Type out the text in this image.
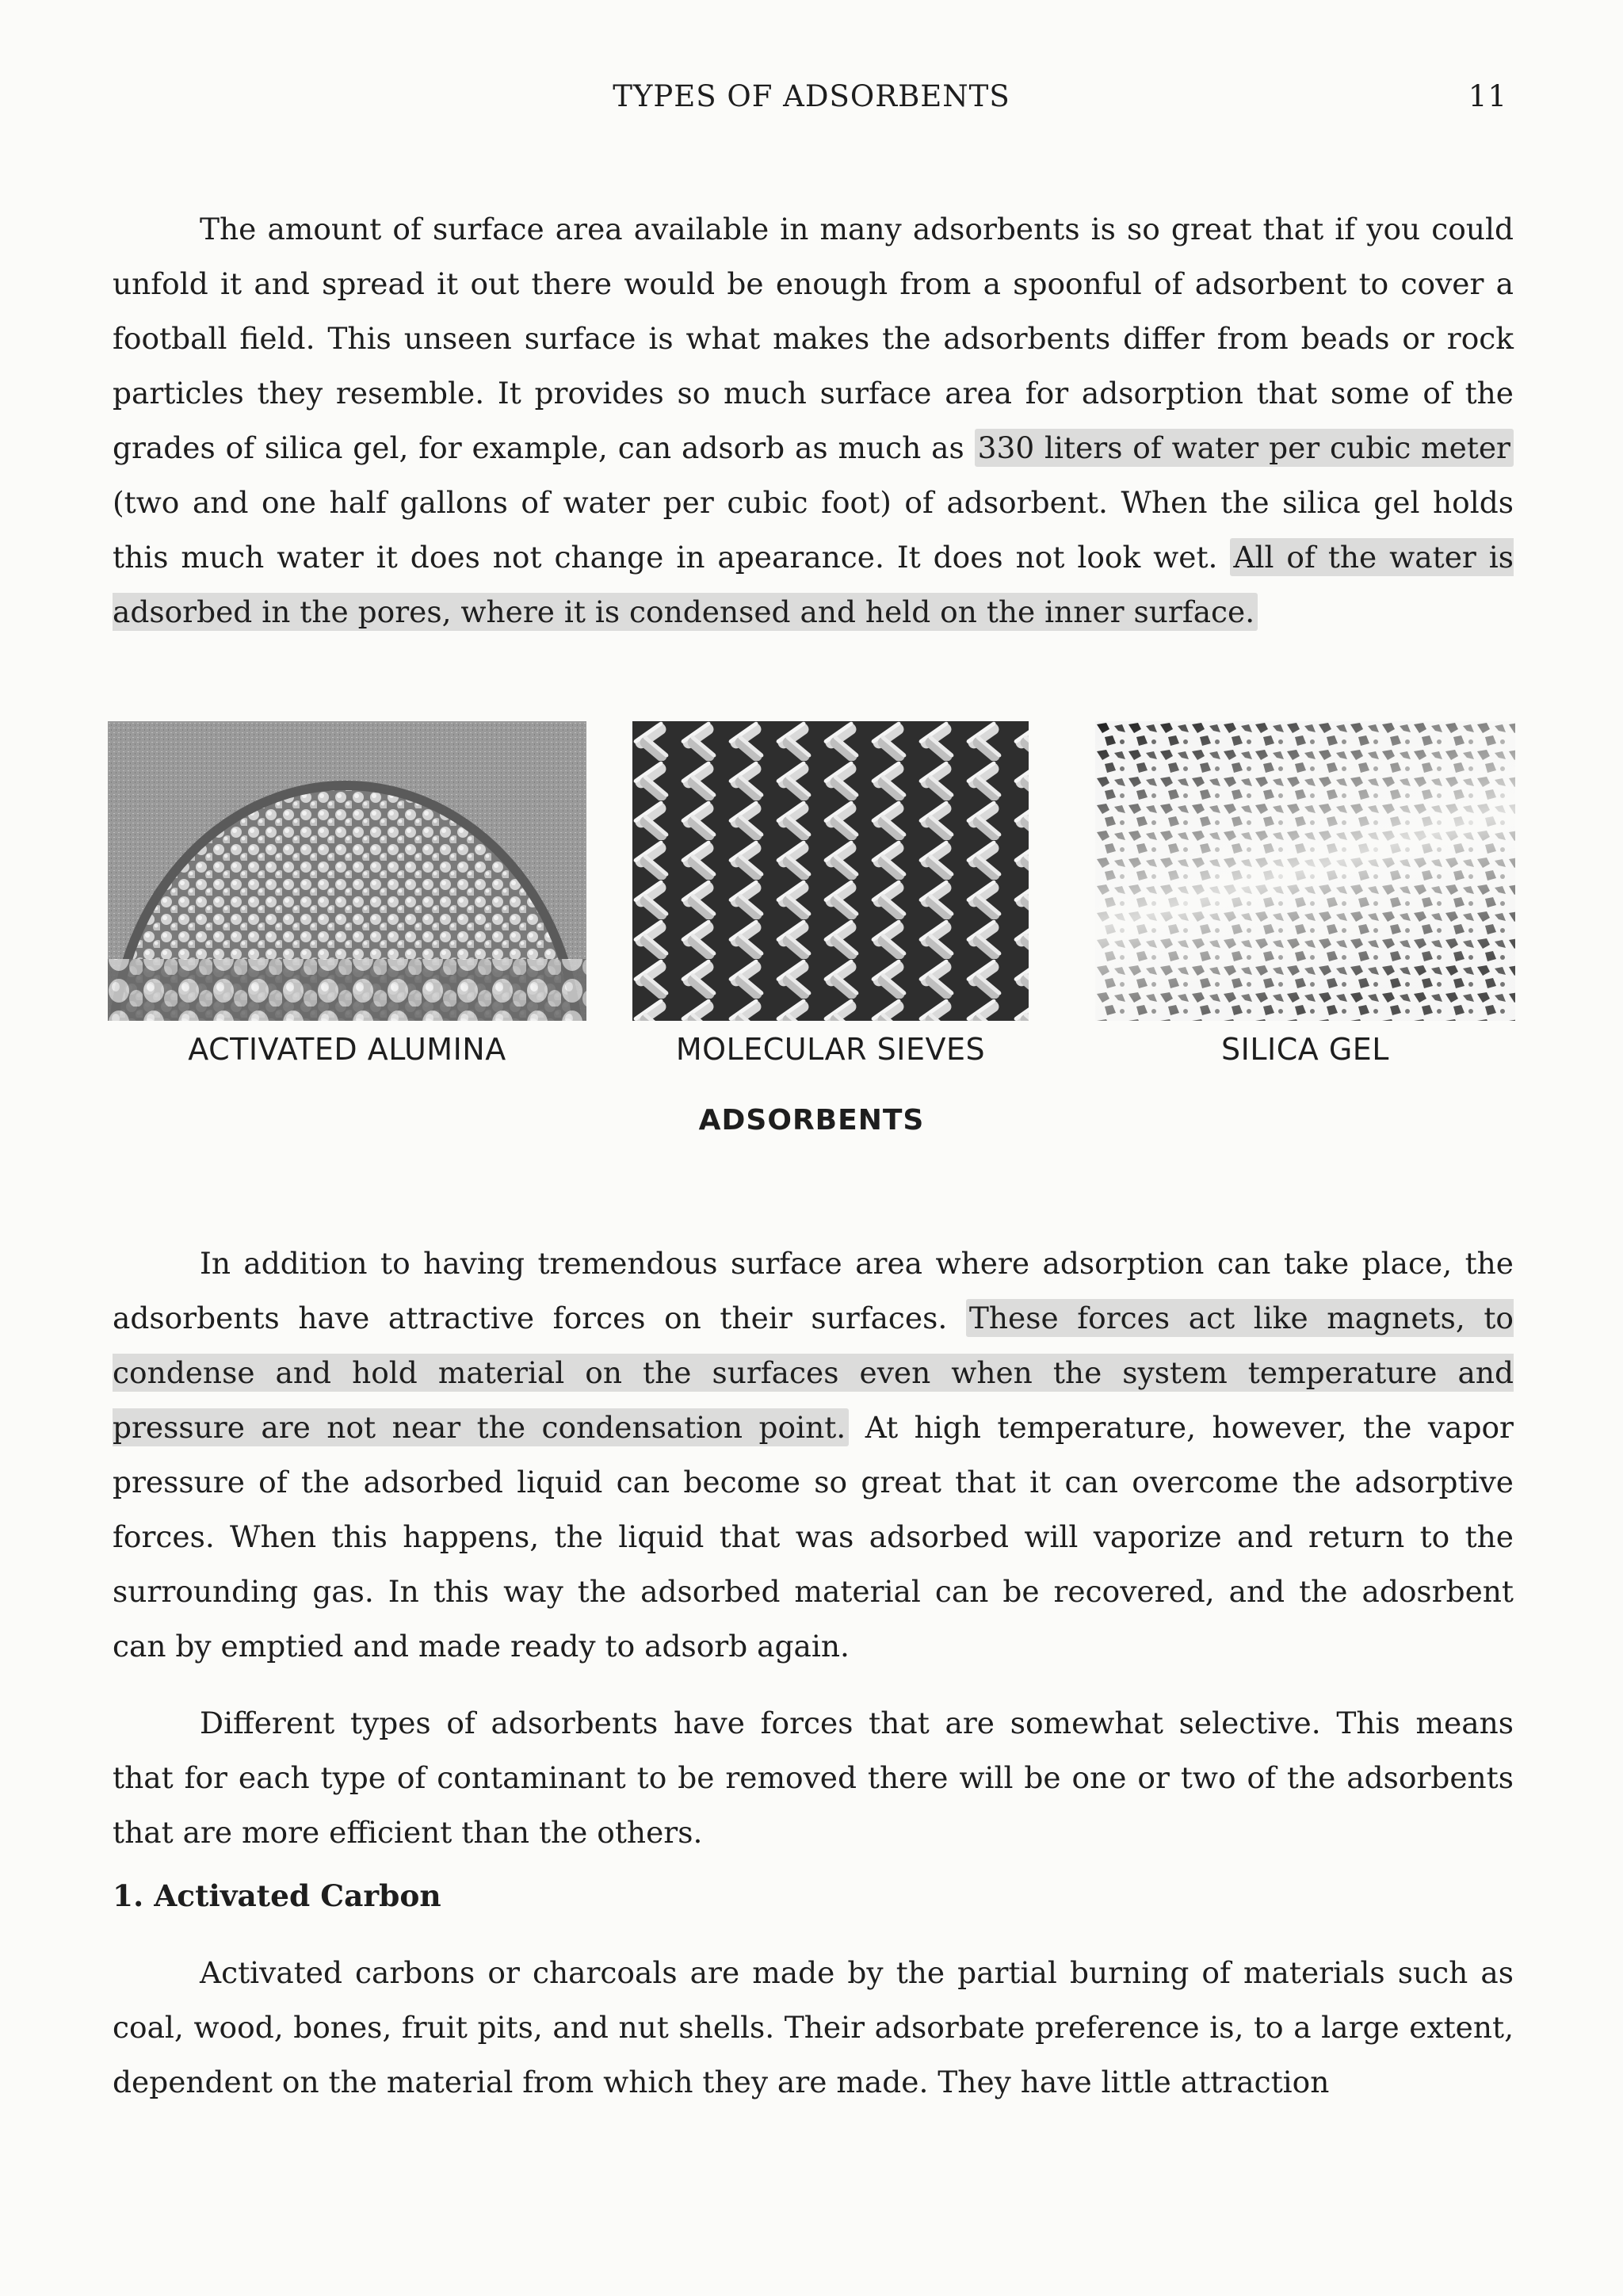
TYPES OF ADSORBENTS	11

The amount of surface area available in many adsorbents is so great that if you could unfold it and spread it out there would be enough from a spoonful of adsorbent to cover a football field. This unseen surface is what makes the adsorbents differ from beads or rock particles they resemble. It provides so much surface area for adsorption that some of the grades of silica gel, for example, can adsorb as much as 330 liters of water per cubic meter (two and one half gallons of water per cubic foot) of adsorbent. When the silica gel holds this much water it does not change in apearance. It does not look wet. All of the water is adsorbed in the pores, where it is condensed and held on the inner surface.

ACTIVATED ALUMINA	MOLECULAR SIEVES	SILICA GEL
ADSORBENTS

In addition to having tremendous surface area where adsorption can take place, the adsorbents have attractive forces on their surfaces. These forces act like magnets, to condense and hold material on the surfaces even when the system temperature and pressure are not near the condensation point. At high temperature, however, the vapor pressure of the adsorbed liquid can become so great that it can overcome the adsorptive forces. When this happens, the liquid that was adsorbed will vaporize and return to the surrounding gas. In this way the adsorbed material can be recovered, and the adosrbent can by emptied and made ready to adsorb again.

Different types of adsorbents have forces that are somewhat selective. This means that for each type of contaminant to be removed there will be one or two of the adsorbents that are more efficient than the others.

1. Activated Carbon

Activated carbons or charcoals are made by the partial burning of materials such as coal, wood, bones, fruit pits, and nut shells. Their adsorbate preference is, to a large extent, dependent on the material from which they are made. They have little attraction
